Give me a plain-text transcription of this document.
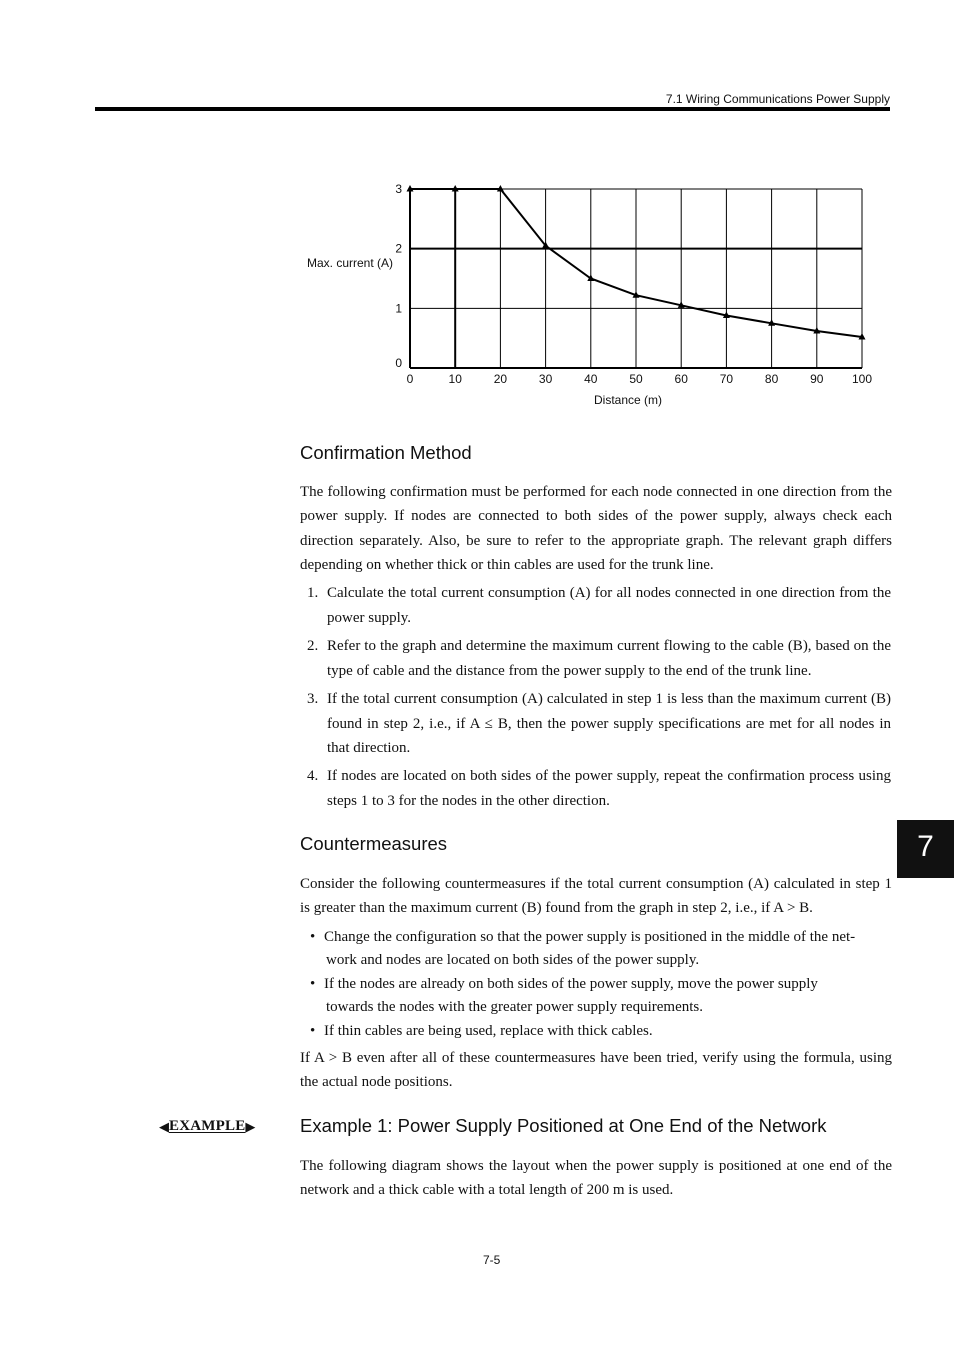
7.1 Wiring Communications Power Supply
0
1
2
3
0	10	20	30	40	50	60	70	80	90 100
Max. current (A)
Distance (m)
Confirmation Method

The following confirmation must be performed for each node connected in one direction from the power supply. If nodes are connected to both sides of the power supply, always check each direction separately. Also, be sure to refer to the appropriate graph. The relevant graph differs depending on whether thick or thin cables are used for the trunk line.

1. Calculate the total current consumption (A) for all nodes connected in one direction from the power supply.
2. Refer to the graph and determine the maximum current flowing to the cable (B), based on the type of cable and the distance from the power supply to the end of the trunk line.
3. If the total current consumption (A) calculated in step 1 is less than the maximum current (B) found in step 2, i.e., if A ≤ B, then the power supply specifications are met for all nodes in that direction.
4. If nodes are located on both sides of the power supply, repeat the confirmation process using steps 1 to 3 for the nodes in the other direction.
Countermeasures

Consider the following countermeasures if the total current consumption (A) calculated in step 1 is greater than the maximum current (B) found from the graph in step 2, i.e., if A > B.

• Change the configuration so that the power supply is positioned in the middle of the net-
work and nodes are located on both sides of the power supply.
• If the nodes are already on both sides of the power supply, move the power supply
towards the nodes with the greater power supply requirements.
• If thin cables are being used, replace with thick cables.

If A > B even after all of these countermeasures have been tried, verify using the formula, using the actual node positions.

7
◀ EXAMPLE ▶ Example 1: Power Supply Positioned at One End of the Network

The following diagram shows the layout when the power supply is positioned at one end of the network and a thick cable with a total length of 200 m is used.

7-5
